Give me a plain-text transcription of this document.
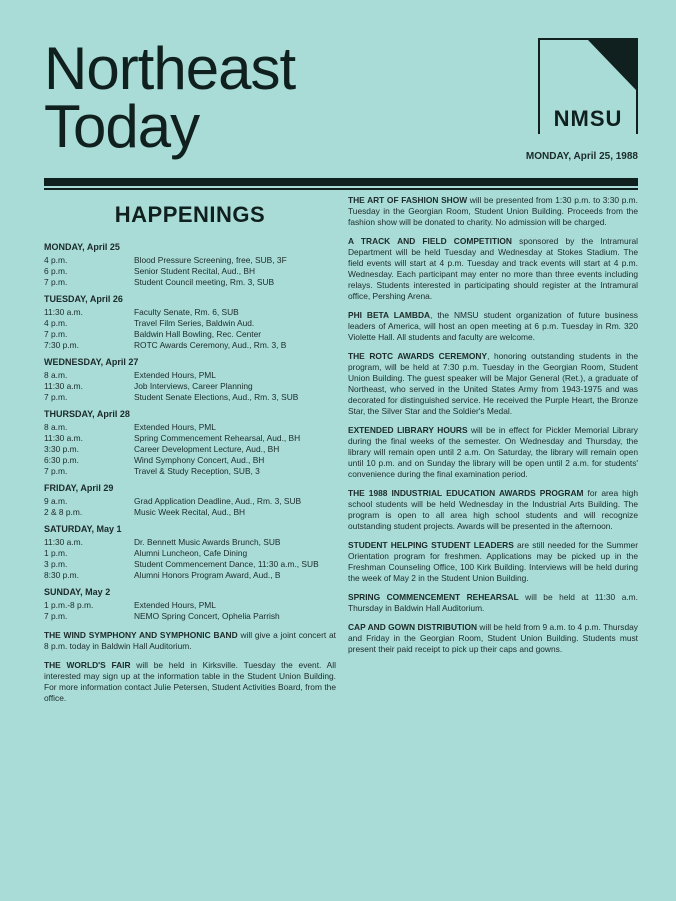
Northeast
Today	NMSU
MONDAY, April 25, 1988
HAPPENINGS
MONDAY, April 25
4 p.m.	Blood Pressure Screening, free, SUB, 3F
6 p.m.	Senior Student Recital, Aud., BH
7 p.m.	Student Council meeting, Rm. 3, SUB
TUESDAY, April 26
11:30 a.m.	Faculty Senate, Rm. 6, SUB
4 p.m.	Travel Film Series, Baldwin Aud.
7 p.m.	Baldwin Hall Bowling, Rec. Center
7:30 p.m.	ROTC Awards Ceremony, Aud., Rm. 3, B
WEDNESDAY, April 27
8 a.m.	Extended Hours, PML
11:30 a.m.	Job Interviews, Career Planning
7 p.m.	Student Senate Elections, Aud., Rm. 3, SUB
THURSDAY, April 28
8 a.m.	Extended Hours, PML
11:30 a.m.	Spring Commencement Rehearsal, Aud., BH
3:30 p.m.	Career Development Lecture, Aud., BH
6:30 p.m.	Wind Symphony Concert, Aud., BH
7 p.m.	Travel & Study Reception, SUB, 3
FRIDAY, April 29
9 a.m.	Grad Application Deadline, Aud., Rm. 3, SUB
2 & 8 p.m.	Music Week Recital, Aud., BH
SATURDAY, May 1
11:30 a.m.	Dr. Bennett Music Awards Brunch, SUB
1 p.m.	Alumni Luncheon, Cafe Dining
3 p.m.	Student Commencement Dance, 11:30 a.m., SUB
8:30 p.m.	Alumni Honors Program Award, Aud., B
SUNDAY, May 2
1 p.m.-8 p.m.	Extended Hours, PML
7 p.m.	NEMO Spring Concert, Ophelia Parrish

THE WIND SYMPHONY AND SYMPHONIC BAND will give a joint concert at 8 p.m. today in Baldwin Hall Auditorium.

THE WORLD'S FAIR will be held in Kirksville. Tuesday the event. All interested may sign up at the information table in the Student Union Building. For more information contact Julie Petersen, Student Activities Board, from the office.

THE ART OF FASHION SHOW will be presented from 1:30 p.m. to 3:30 p.m. Tuesday in the Georgian Room, Student Union Building. Proceeds from the fashion show will be donated to charity. No admission will be charged.

A TRACK AND FIELD COMPETITION sponsored by the Intramural Department will be held Tuesday and Wednesday at Stokes Stadium. The field events will start at 4 p.m. Tuesday and track events will start at 4 p.m. Wednesday. Each participant may enter no more than three events including relays. Students interested in participating should register at the Intramural office, Pershing Arena.

PHI BETA LAMBDA, the NMSU student organization of future business leaders of America, will host an open meeting at 6 p.m. Tuesday in Rm. 320 Violette Hall. All students and faculty are welcome.

THE ROTC AWARDS CEREMONY, honoring outstanding students in the program, will be held at 7:30 p.m. Tuesday in the Georgian Room, Student Union Building. The guest speaker will be Major General (Ret.), a graduate of Northeast, who served in the United States Army from 1943-1975 and was decorated for distinguished service. He received the Purple Heart, the Bronze Star, the Silver Star and the Soldier's Medal.

EXTENDED LIBRARY HOURS will be in effect for Pickler Memorial Library during the final weeks of the semester. On Wednesday and Thursday, the library will remain open until 2 a.m. On Saturday, the library will remain open until 10 p.m. and on Sunday the library will be open until 2 a.m. for students' convenience during the final examination period.

THE 1988 INDUSTRIAL EDUCATION AWARDS PROGRAM for area high school students will be held Wednesday in the Industrial Arts Building. The program is open to all area high school students and will recognize outstanding student projects. Awards will be presented in the afternoon.

STUDENT HELPING STUDENT LEADERS are still needed for the Summer Orientation program for freshmen. Applications may be picked up in the Freshman Counseling Office, 100 Kirk Building. Interviews will be held during the week of May 2 in the Student Union Building.

SPRING COMMENCEMENT REHEARSAL will be held at 11:30 a.m. Thursday in Baldwin Hall Auditorium.

CAP AND GOWN DISTRIBUTION will be held from 9 a.m. to 4 p.m. Thursday and Friday in the Georgian Room, Student Union Building. Students must present their paid receipt to pick up their caps and gowns.
